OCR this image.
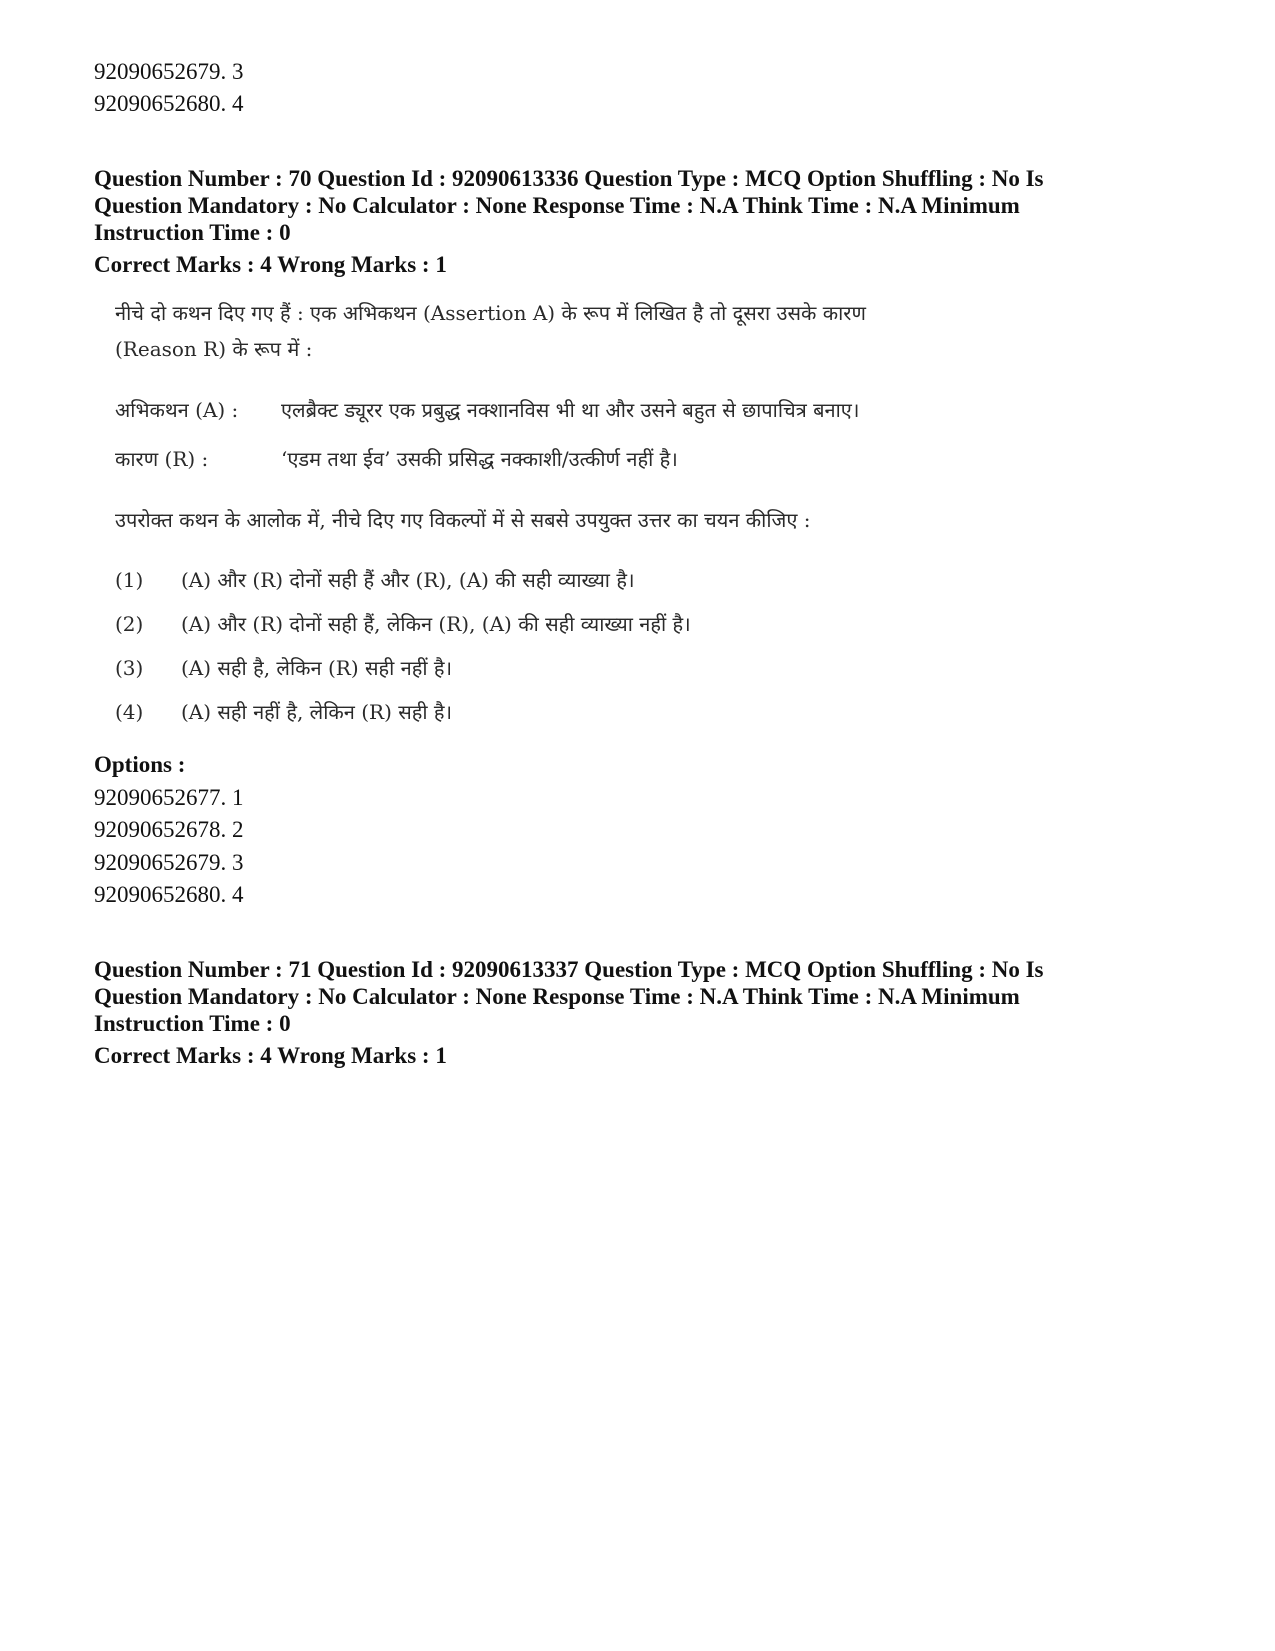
92090652679. 3
92090652680. 4
Question Number : 70 Question Id : 92090613336 Question Type : MCQ Option Shuffling : No Is
Question Mandatory : No Calculator : None Response Time : N.A Think Time : N.A Minimum
Instruction Time : 0
Correct Marks : 4 Wrong Marks : 1
नीचे दो कथन दिए गए हैं : एक अभिकथन (Assertion A) के रूप में लिखित है तो दूसरा उसके कारण
(Reason R) के रूप में :
अभिकथन (A) : एलब्रैक्ट ड्यूरर एक प्रबुद्ध नक्शानविस भी था और उसने बहुत से छापाचित्र बनाए।
कारण (R) :	‘एडम तथा ईव’ उसकी प्रसिद्ध नक्काशी/उत्कीर्ण नहीं है।
उपरोक्त कथन के आलोक में, नीचे दिए गए विकल्पों में से सबसे उपयुक्त उत्तर का चयन कीजिए :
(1) (A) और (R) दोनों सही हैं और (R), (A) की सही व्याख्या है।
(2) (A) और (R) दोनों सही हैं, लेकिन (R), (A) की सही व्याख्या नहीं है।
(3) (A) सही है, लेकिन (R) सही नहीं है।
(4) (A) सही नहीं है, लेकिन (R) सही है।
Options :
92090652677. 1
92090652678. 2
92090652679. 3
92090652680. 4
Question Number : 71 Question Id : 92090613337 Question Type : MCQ Option Shuffling : No Is
Question Mandatory : No Calculator : None Response Time : N.A Think Time : N.A Minimum
Instruction Time : 0
Correct Marks : 4 Wrong Marks : 1
